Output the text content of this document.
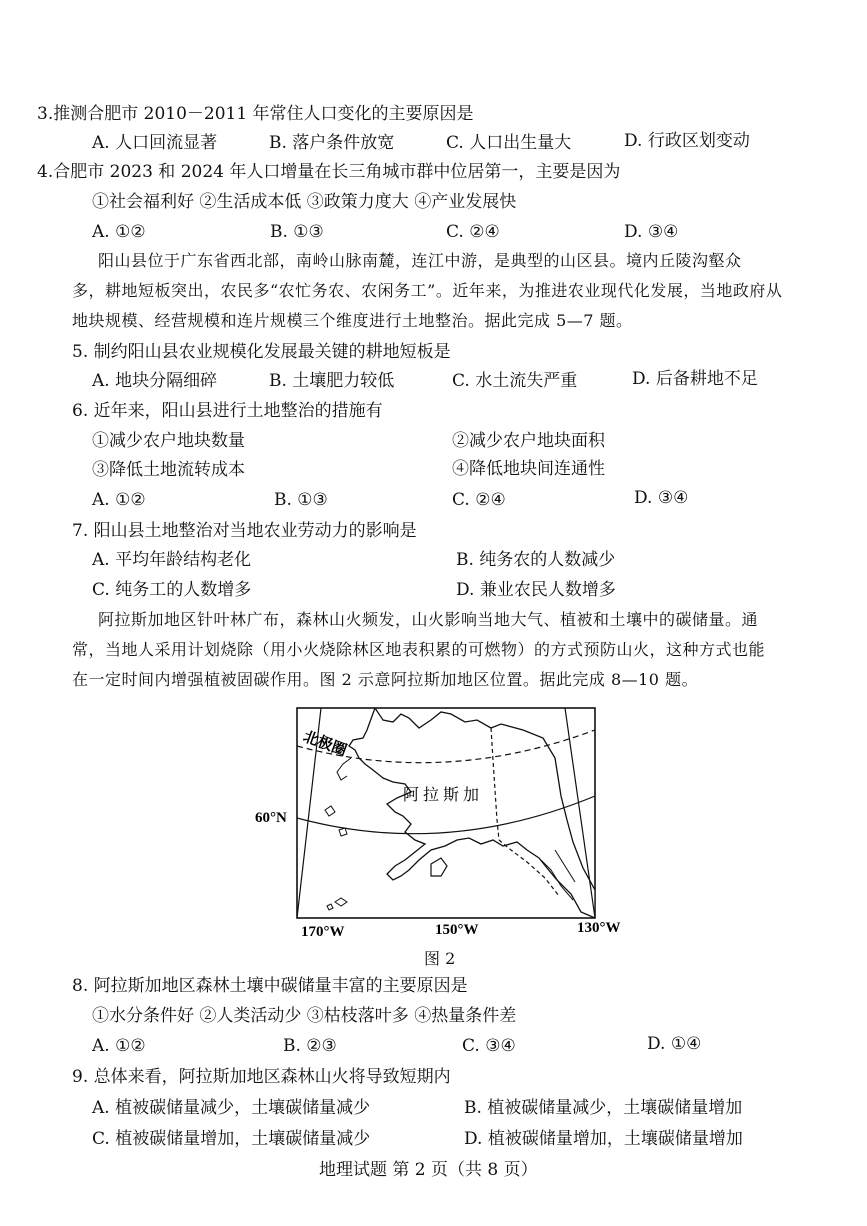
3.推测合肥市 2010－2011 年常住人口变化的主要原因是
A. 人口回流显著	B. 落户条件放宽	C. 人口出生量大	D. 行政区划变动
4.合肥市 2023 和 2024 年人口增量在长三角城市群中位居第一，主要是因为
①社会福利好 ②生活成本低 ③政策力度大 ④产业发展快
A. ①②	B. ①③	C. ②④	D. ③④
阳山县位于广东省西北部，南岭山脉南麓，连江中游，是典型的山区县。境内丘陵沟壑众
多，耕地短板突出，农民多“农忙务农、农闲务工”。近年来，为推进农业现代化发展，当地政府从
地块规模、经营规模和连片规模三个维度进行土地整治。据此完成 5—7 题。
5. 制约阳山县农业规模化发展最关键的耕地短板是
A. 地块分隔细碎	B. 土壤肥力较低	C. 水土流失严重	D. 后备耕地不足
6. 近年来，阳山县进行土地整治的措施有
①减少农户地块数量	②减少农户地块面积
③降低土地流转成本	④降低地块间连通性
A. ①②	B. ①③	C. ②④	D. ③④
7. 阳山县土地整治对当地农业劳动力的影响是
A. 平均年龄结构老化	B. 纯务农的人数减少
C. 纯务工的人数增多	D. 兼业农民人数增多
阿拉斯加地区针叶林广布，森林山火频发，山火影响当地大气、植被和土壤中的碳储量。通
常，当地人采用计划烧除（用小火烧除林区地表积累的可燃物）的方式预防山火，这种方式也能
在一定时间内增强植被固碳作用。图 2 示意阿拉斯加地区位置。据此完成 8—10 题。
北极圈
阿 拉 斯 加
60°N
170°W	150°W	130°W
图 2
8. 阿拉斯加地区森林土壤中碳储量丰富的主要原因是
①水分条件好 ②人类活动少 ③枯枝落叶多 ④热量条件差
A. ①②	B. ②③	C. ③④	D. ①④
9. 总体来看，阿拉斯加地区森林山火将导致短期内
A. 植被碳储量减少，土壤碳储量减少	B. 植被碳储量减少，土壤碳储量增加
C. 植被碳储量增加，土壤碳储量减少	D. 植被碳储量增加，土壤碳储量增加
地理试题 第 2 页（共 8 页）
